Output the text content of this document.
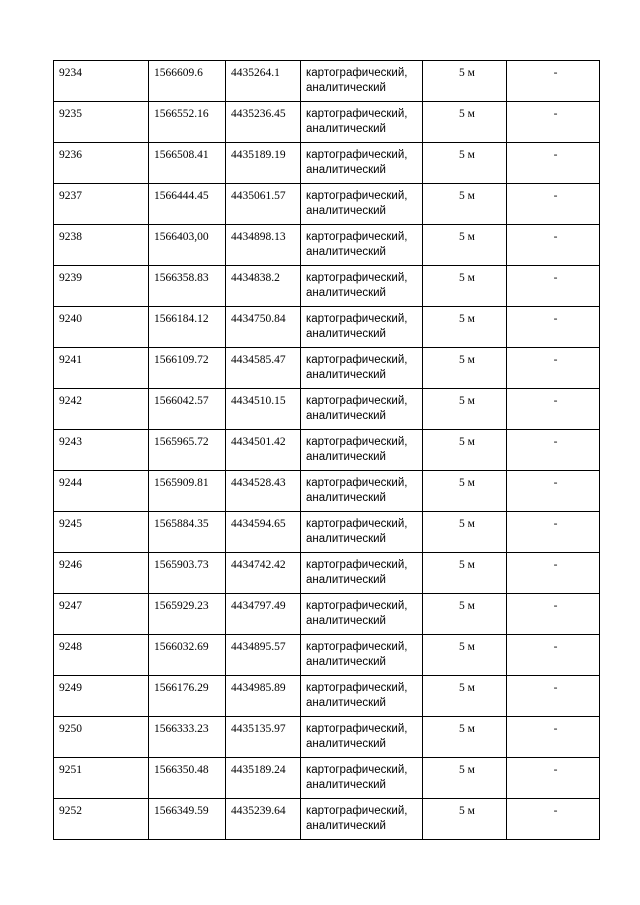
9234	1566609.6	4435264.1	картографический,
аналитический	5 м	-

9235	1566552.16	4435236.45	картографический,
аналитический	5 м	-

9236	1566508.41	4435189.19	картографический,
аналитический	5 м	-

9237	1566444.45	4435061.57	картографический,
аналитический	5 м	-

9238	1566403,00	4434898.13	картографический,
аналитический	5 м	-

9239	1566358.83	4434838.2	картографический,
аналитический	5 м	-

9240	1566184.12	4434750.84	картографический,
аналитический	5 м	-

9241	1566109.72	4434585.47	картографический,
аналитический	5 м	-

9242	1566042.57	4434510.15	картографический,
аналитический	5 м	-

9243	1565965.72	4434501.42	картографический,
аналитический	5 м	-

9244	1565909.81	4434528.43	картографический,
аналитический	5 м	-

9245	1565884.35	4434594.65	картографический,
аналитический	5 м	-

9246	1565903.73	4434742.42	картографический,
аналитический	5 м	-

9247	1565929.23	4434797.49	картографический,
аналитический	5 м	-

9248	1566032.69	4434895.57	картографический,
аналитический	5 м	-

9249	1566176.29	4434985.89	картографический,
аналитический	5 м	-

9250	1566333.23	4435135.97	картографический,
аналитический	5 м	-

9251	1566350.48	4435189.24	картографический,
аналитический	5 м	-

9252	1566349.59	4435239.64	картографический,
аналитический	5 м	-
